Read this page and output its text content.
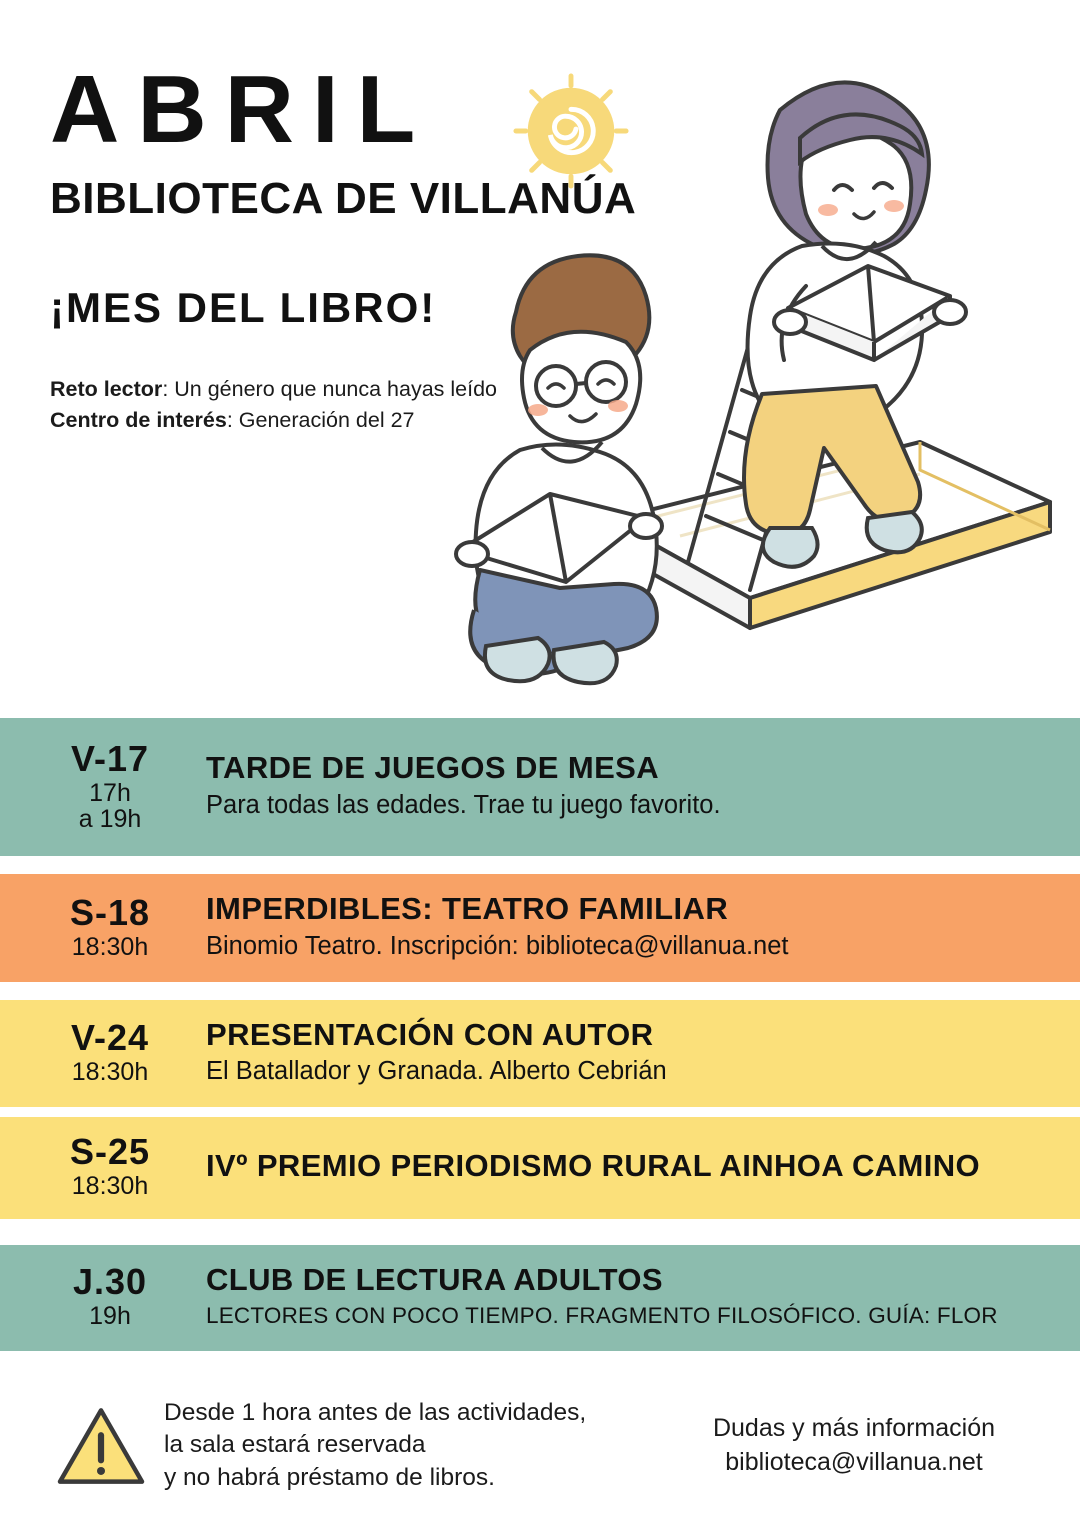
ABRIL
BIBLIOTECA DE VILLANÚA
¡MES DEL LIBRO!
Reto lector: Un género que nunca hayas leído
Centro de interés: Generación del 27
V-17
17h
a 19h

TARDE DE JUEGOS DE MESA

Para todas las edades. Trae tu juego favorito.

S-18
18:30h

IMPERDIBLES: TEATRO FAMILIAR

Binomio Teatro. Inscripción: biblioteca@villanua.net

V-24
18:30h

PRESENTACIÓN CON AUTOR

El Batallador y Granada. Alberto Cebrián

S-25
18:30h

IVº PREMIO PERIODISMO RURAL AINHOA CAMINO

J.30
19h

CLUB DE LECTURA ADULTOS

LECTORES CON POCO TIEMPO. FRAGMENTO FILOSÓFICO. GUÍA: FLOR

Desde 1 hora antes de las actividades,
la sala estará reservada
y no habrá préstamo de libros.
Dudas y más información
biblioteca@villanua.net
